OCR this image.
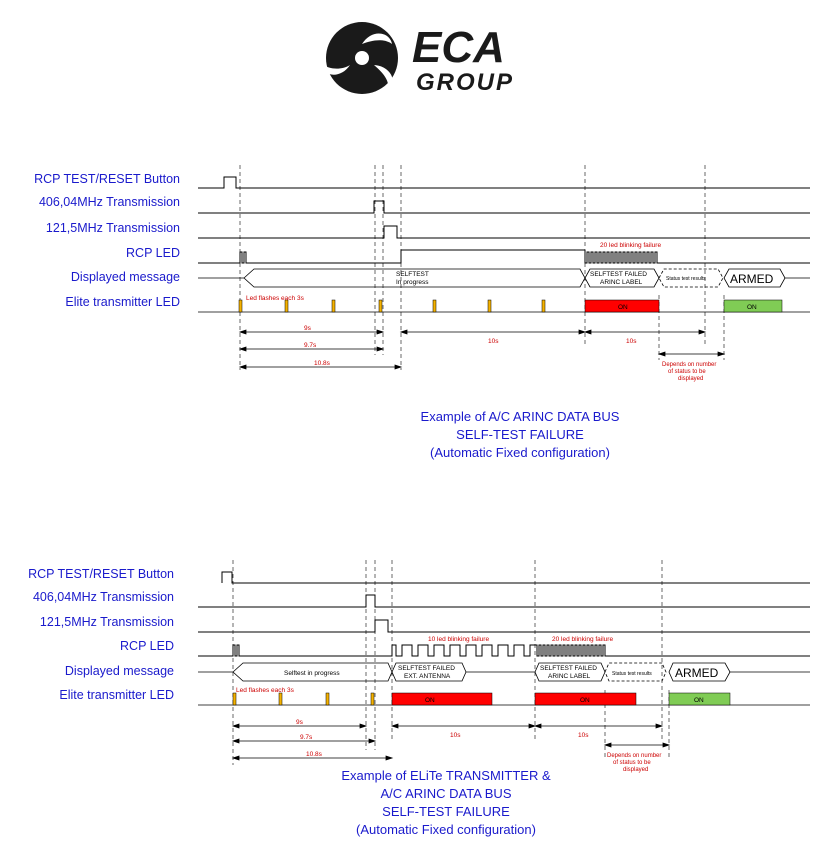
ECA
GROUP
RCP TEST/RESET Button
406,04MHz Transmission
121,5MHz Transmission
RCP LED
Displayed message
Elite transmitter LED
20 led blinking failure
SELFTEST
In progress
SELFTEST FAILED
ARINC LABEL	Status test results ARMED
Led flashes each 3s
ON	ON
9s
9.7s
10.8s
10s	10s
Depends on number
of status to be
displayed
Example of A/C ARINC DATA BUS
SELF-TEST FAILURE
(Automatic Fixed configuration)
RCP TEST/RESET Button
406,04MHz Transmission
121,5MHz Transmission
RCP LED
Displayed message
Elite transmitter LED
10 led blinking failure	20 led blinking failure
Selftest in progress
SELFTEST FAILED
EXT. ANTENNA
SELFTEST FAILED
ARINC LABEL	Status test results ARMED
Led flashes each 3s
ON	ON	ON
9s
9.7s
10.8s
10s	10s
Depends on number
of status to be
displayed
Example of ELiTe TRANSMITTER &
A/C ARINC DATA BUS
SELF-TEST FAILURE
(Automatic Fixed configuration)
